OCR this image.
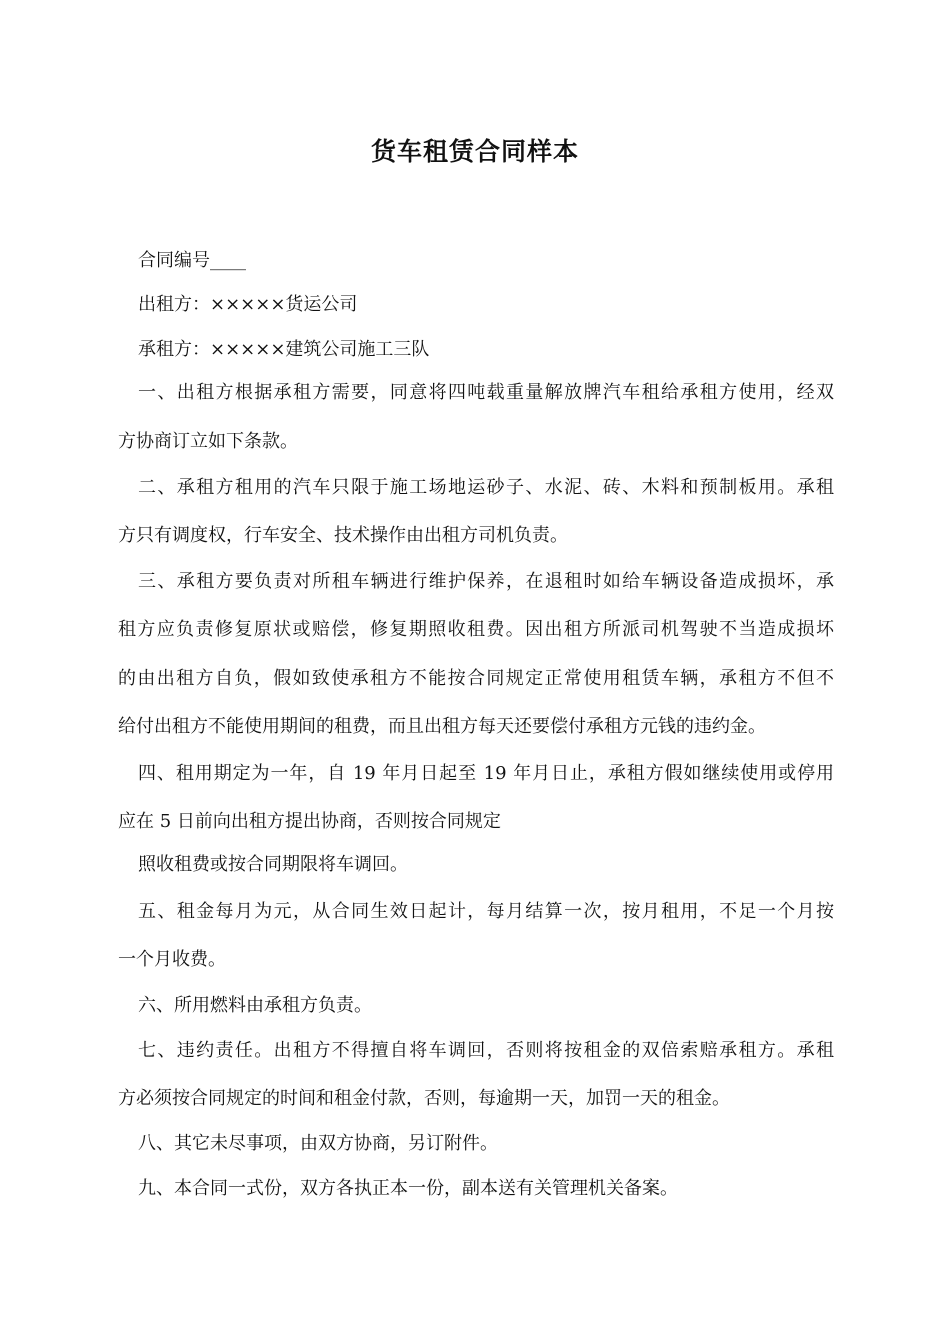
货车租赁合同样本

合同编号____

出租方：×××××货运公司

承租方：×××××建筑公司施工三队

一、出租方根据承租方需要，同意将四吨载重量解放牌汽车租给承租方使用，经双

方协商订立如下条款。

二、承租方租用的汽车只限于施工场地运砂子、水泥、砖、木料和预制板用。承租

方只有调度权，行车安全、技术操作由出租方司机负责。

三、承租方要负责对所租车辆进行维护保养，在退租时如给车辆设备造成损坏，承

租方应负责修复原状或赔偿，修复期照收租费。因出租方所派司机驾驶不当造成损坏

的由出租方自负，假如致使承租方不能按合同规定正常使用租赁车辆，承租方不但不

给付出租方不能使用期间的租费，而且出租方每天还要偿付承租方元钱的违约金。

四、租用期定为一年，自 19 年月日起至 19 年月日止，承租方假如继续使用或停用

应在 5 日前向出租方提出协商，否则按合同规定

照收租费或按合同期限将车调回。

五、租金每月为元，从合同生效日起计，每月结算一次，按月租用，不足一个月按

一个月收费。

六、所用燃料由承租方负责。

七、违约责任。出租方不得擅自将车调回，否则将按租金的双倍索赔承租方。承租

方必须按合同规定的时间和租金付款，否则，每逾期一天，加罚一天的租金。

八、其它未尽事项，由双方协商，另订附件。

九、本合同一式份，双方各执正本一份，副本送有关管理机关备案。
